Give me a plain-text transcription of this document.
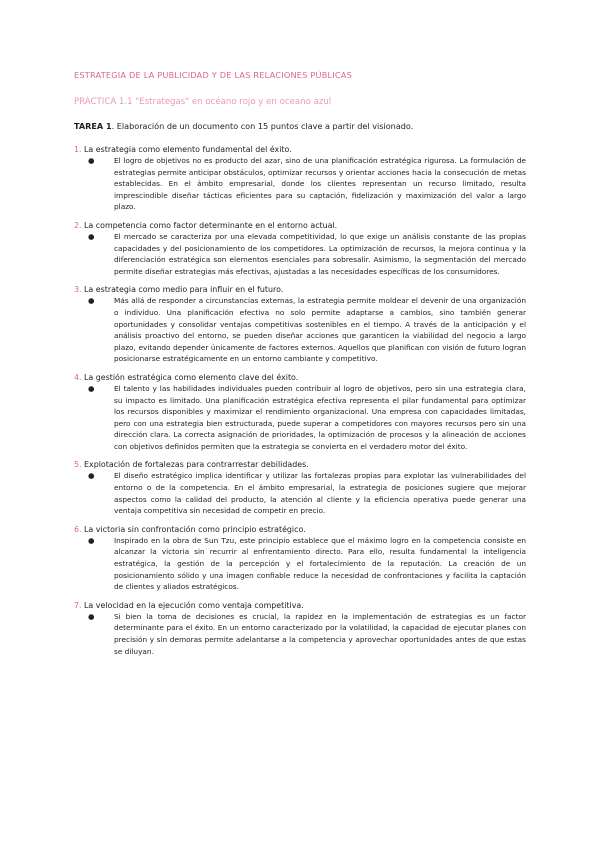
ESTRATEGIA DE LA PUBLICIDAD Y DE LAS RELACIONES PÚBLICAS
PRÁCTICA 1.1 "Estrategas" en océano rojo y en oceano azul
TAREA 1. Elaboración de un documento con 15 puntos clave a partir del visionado.
1. La estrategia como elemento fundamental del éxito.
●	El logro de objetivos no es producto del azar, sino de una planificación estratégica rigurosa. La formulación de estrategias permite anticipar obstáculos, optimizar recursos y orientar acciones hacia la consecución de metas establecidas. En el ámbito empresarial, donde los clientes representan un recurso limitado, resulta imprescindible diseñar tácticas eficientes para su captación, fidelización y maximización del valor a largo plazo.

2. La competencia como factor determinante en el entorno actual.
●	El mercado se caracteriza por una elevada competitividad, lo que exige un análisis constante de las propias capacidades y del posicionamiento de los competidores. La optimización de recursos, la mejora continua y la diferenciación estratégica son elementos esenciales para sobresalir. Asimismo, la segmentación del mercado permite diseñar estrategias más efectivas, ajustadas a las necesidades específicas de los consumidores.

3. La estrategia como medio para influir en el futuro.
●	Más allá de responder a circunstancias externas, la estrategia permite moldear el devenir de una organización o individuo. Una planificación efectiva no solo permite adaptarse a cambios, sino también generar oportunidades y consolidar ventajas competitivas sostenibles en el tiempo. A través de la anticipación y el análisis proactivo del entorno, se pueden diseñar acciones que garanticen la viabilidad del negocio a largo plazo, evitando depender únicamente de factores externos. Aquellos que planifican con visión de futuro logran posicionarse estratégicamente en un entorno cambiante y competitivo.

4. La gestión estratégica como elemento clave del éxito.
●	El talento y las habilidades individuales pueden contribuir al logro de objetivos, pero sin una estrategia clara, su impacto es limitado. Una planificación estratégica efectiva representa el pilar fundamental para optimizar los recursos disponibles y maximizar el rendimiento organizacional. Una empresa con capacidades limitadas, pero con una estrategia bien estructurada, puede superar a competidores con mayores recursos pero sin una dirección clara. La correcta asignación de prioridades, la optimización de procesos y la alineación de acciones con objetivos definidos permiten que la estrategia se convierta en el verdadero motor del éxito.

5. Explotación de fortalezas para contrarrestar debilidades.
●	El diseño estratégico implica identificar y utilizar las fortalezas propias para explotar las vulnerabilidades del entorno o de la competencia. En el ámbito empresarial, la estrategia de posiciones sugiere que mejorar aspectos como la calidad del producto, la atención al cliente y la eficiencia operativa puede generar una ventaja competitiva sin necesidad de competir en precio.

6. La victoria sin confrontación como principio estratégico.
●	Inspirado en la obra de Sun Tzu, este principio establece que el máximo logro en la competencia consiste en alcanzar la victoria sin recurrir al enfrentamiento directo. Para ello, resulta fundamental la inteligencia estratégica, la gestión de la percepción y el fortalecimiento de la reputación. La creación de un posicionamiento sólido y una imagen confiable reduce la necesidad de confrontaciones y facilita la captación de clientes y aliados estratégicos.

7. La velocidad en la ejecución como ventaja competitiva.
●	Si bien la toma de decisiones es crucial, la rapidez en la implementación de estrategias es un factor determinante para el éxito. En un entorno caracterizado por la volatilidad, la capacidad de ejecutar planes con precisión y sin demoras permite adelantarse a la competencia y aprovechar oportunidades antes de que estas se diluyan.
